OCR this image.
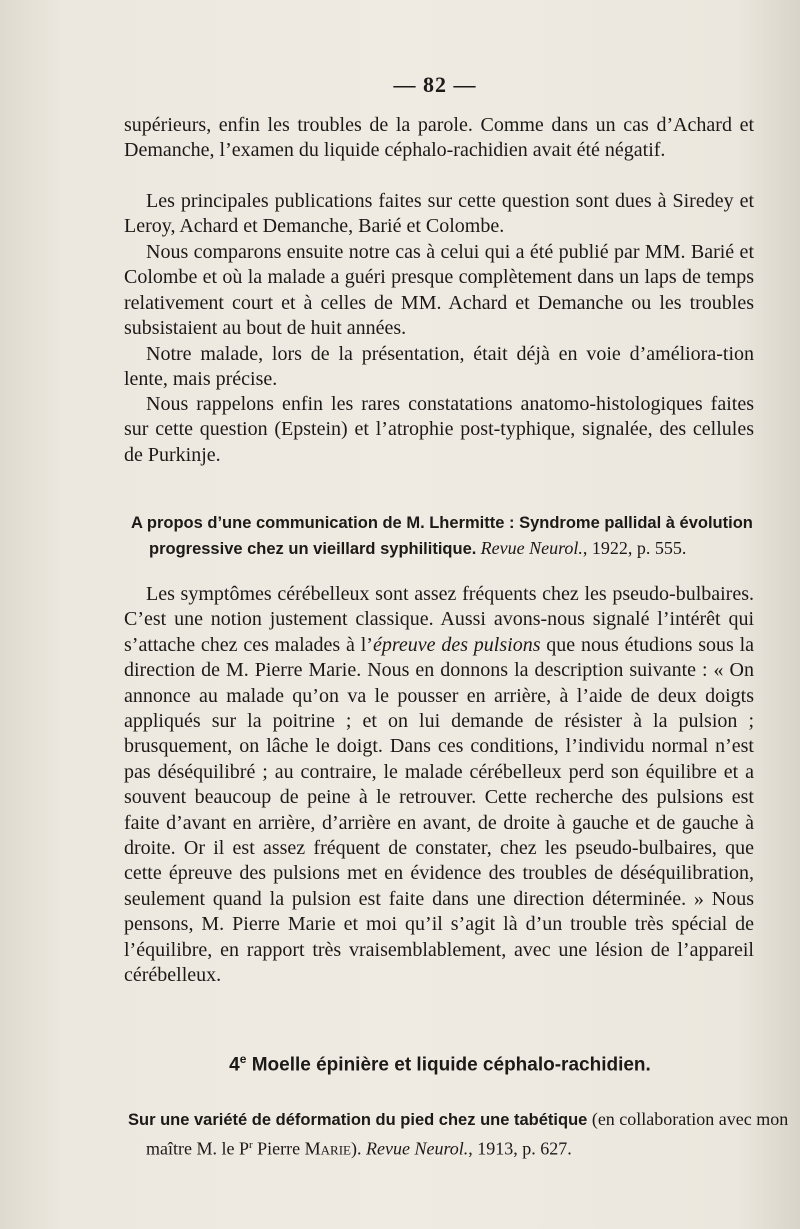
— 82 —

supérieurs, enfin les troubles de la parole. Comme dans un cas d’Achard et Demanche, l’examen du liquide céphalo-rachidien avait été négatif.

Les principales publications faites sur cette question sont dues à Siredey et Leroy, Achard et Demanche, Barié et Colombe.

Nous comparons ensuite notre cas à celui qui a été publié par MM. Barié et Colombe et où la malade a guéri presque complètement dans un laps de temps relativement court et à celles de MM. Achard et Demanche ou les troubles subsistaient au bout de huit années.

Notre malade, lors de la présentation, était déjà en voie d’améliora-tion lente, mais précise.

Nous rappelons enfin les rares constatations anatomo-histologiques faites sur cette question (Epstein) et l’atrophie post-typhique, signalée, des cellules de Purkinje.

A propos d’une communication de M. Lhermitte : Syndrome pallidal à évolution progressive chez un vieillard syphilitique. Revue Neurol., 1922, p. 555.

Les symptômes cérébelleux sont assez fréquents chez les pseudo-bulbaires. C’est une notion justement classique. Aussi avons-nous signalé l’intérêt qui s’attache chez ces malades à l’épreuve des pulsions que nous étudions sous la direction de M. Pierre Marie. Nous en donnons la description suivante : « On annonce au malade qu’on va le pousser en arrière, à l’aide de deux doigts appliqués sur la poitrine ; et on lui demande de résister à la pulsion ; brusquement, on lâche le doigt. Dans ces conditions, l’individu normal n’est pas déséquilibré ; au contraire, le malade cérébelleux perd son équilibre et a souvent beaucoup de peine à le retrouver. Cette recherche des pulsions est faite d’avant en arrière, d’arrière en avant, de droite à gauche et de gauche à droite. Or il est assez fréquent de constater, chez les pseudo-bulbaires, que cette épreuve des pulsions met en évidence des troubles de déséquilibration, seulement quand la pulsion est faite dans une direction déterminée. » Nous pensons, M. Pierre Marie et moi qu’il s’agit là d’un trouble très spécial de l’équilibre, en rapport très vraisemblablement, avec une lésion de l’appareil cérébelleux.

4e Moelle épinière et liquide céphalo-rachidien.

Sur une variété de déformation du pied chez une tabétique (en collaboration avec mon maître M. le $P^r$ Pierre Marie). Revue Neurol., 1913, p. 627.
